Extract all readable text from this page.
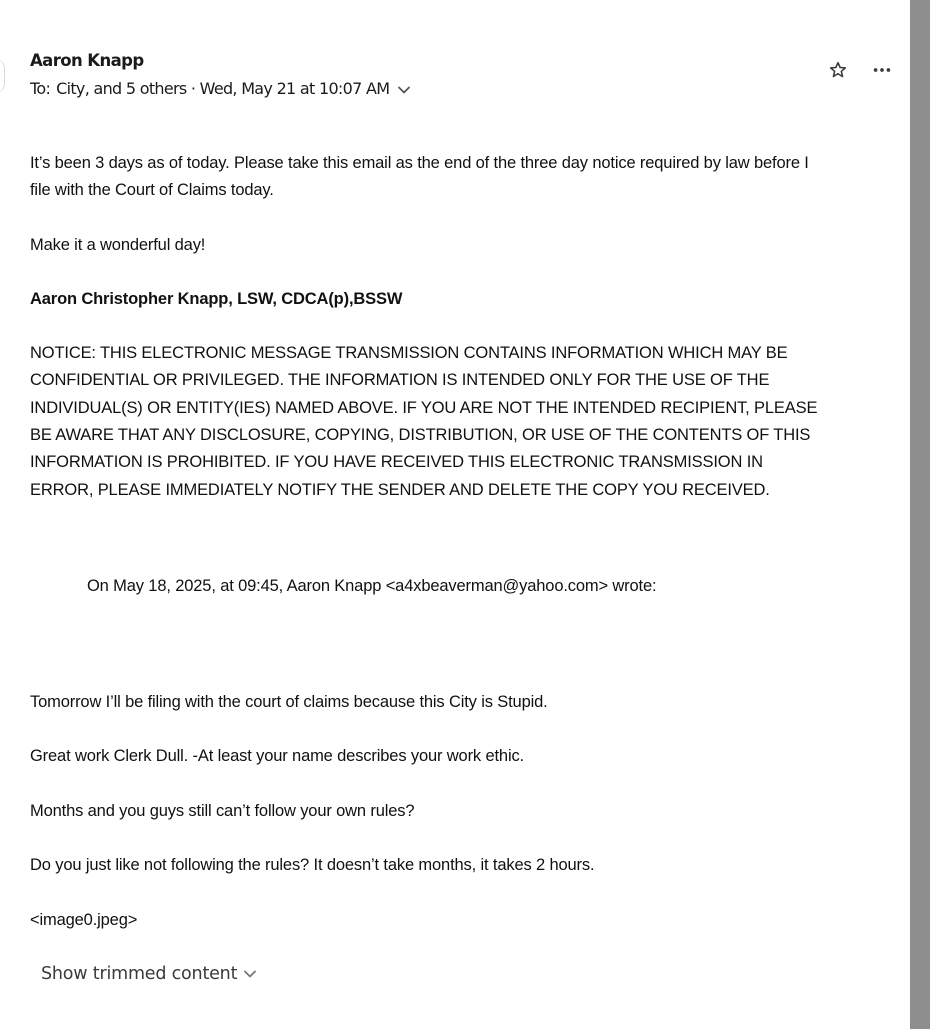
Aaron Knapp
To: City, and 5 others · Wed, May 21 at 10:07 AM

It’s been 3 days as of today. Please take this email as the end of the three day notice required by law before I file with the Court of Claims today.

Make it a wonderful day!

Aaron Christopher Knapp, LSW, CDCA(p),BSSW

NOTICE: THIS ELECTRONIC MESSAGE TRANSMISSION CONTAINS INFORMATION WHICH MAY BE CONFIDENTIAL OR PRIVILEGED. THE INFORMATION IS INTENDED ONLY FOR THE USE OF THE INDIVIDUAL(S) OR ENTITY(IES) NAMED ABOVE. IF YOU ARE NOT THE INTENDED RECIPIENT, PLEASE BE AWARE THAT ANY DISCLOSURE, COPYING, DISTRIBUTION, OR USE OF THE CONTENTS OF THIS INFORMATION IS PROHIBITED. IF YOU HAVE RECEIVED THIS ELECTRONIC TRANSMISSION IN ERROR, PLEASE IMMEDIATELY NOTIFY THE SENDER AND DELETE THE COPY YOU RECEIVED.

On May 18, 2025, at 09:45, Aaron Knapp <a4xbeaverman@yahoo.com> wrote:

Tomorrow I’ll be filing with the court of claims because this City is Stupid.

Great work Clerk Dull. -At least your name describes your work ethic.

Months and you guys still can’t follow your own rules?

Do you just like not following the rules? It doesn’t take months, it takes 2 hours.

<image0.jpeg>

Show trimmed content
